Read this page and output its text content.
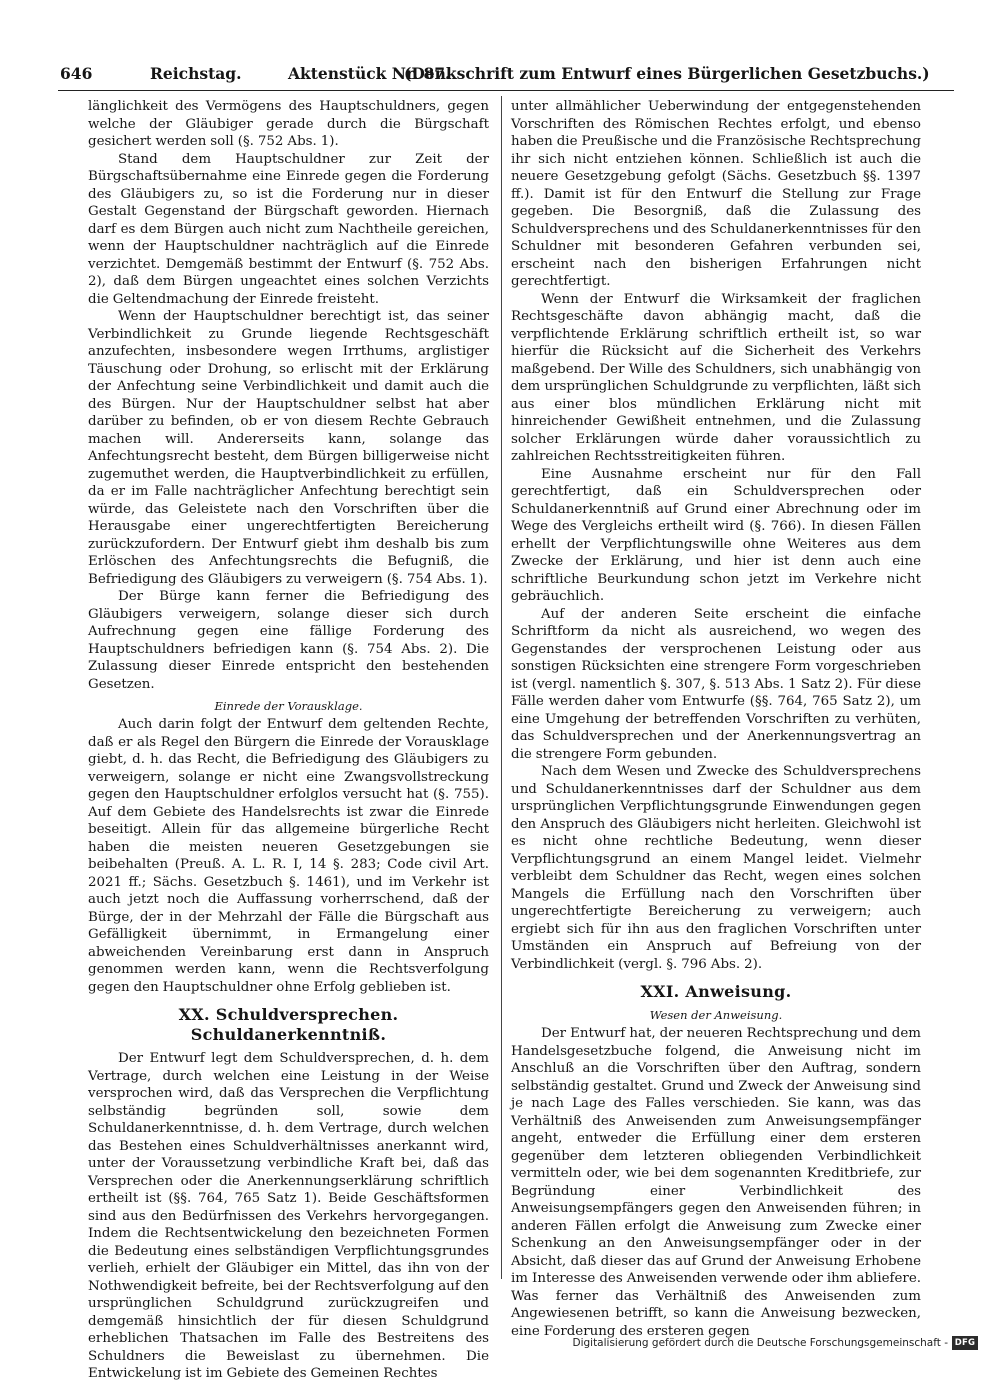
646	Reichstag.	Aktenstück Nr. 87.
(Denkschrift zum Entwurf eines Bürgerlichen Gesetzbuchs.)

länglichkeit des Vermögens des Hauptschuldners, gegen welche der Gläubiger gerade durch die Bürgschaft gesichert werden soll (§. 752 Abs. 1).

Stand dem Hauptschuldner zur Zeit der Bürgschaftsübernahme eine Einrede gegen die Forderung des Gläubigers zu, so ist die Forderung nur in dieser Gestalt Gegenstand der Bürgschaft geworden. Hiernach darf es dem Bürgen auch nicht zum Nachtheile gereichen, wenn der Hauptschuldner nachträglich auf die Einrede verzichtet. Demgemäß bestimmt der Entwurf (§. 752 Abs. 2), daß dem Bürgen ungeachtet eines solchen Verzichts die Geltendmachung der Einrede freisteht.

Wenn der Hauptschuldner berechtigt ist, das seiner Verbindlichkeit zu Grunde liegende Rechtsgeschäft anzufechten, insbesondere wegen Irrthums, arglistiger Täuschung oder Drohung, so erlischt mit der Erklärung der Anfechtung seine Verbindlichkeit und damit auch die des Bürgen. Nur der Hauptschuldner selbst hat aber darüber zu befinden, ob er von diesem Rechte Gebrauch machen will. Andererseits kann, solange das Anfechtungsrecht besteht, dem Bürgen billigerweise nicht zugemuthet werden, die Hauptverbindlichkeit zu erfüllen, da er im Falle nachträglicher Anfechtung berechtigt sein würde, das Geleistete nach den Vorschriften über die Herausgabe einer ungerechtfertigten Bereicherung zurückzufordern. Der Entwurf giebt ihm deshalb bis zum Erlöschen des Anfechtungsrechts die Befugniß, die Befriedigung des Gläubigers zu verweigern (§. 754 Abs. 1).

Der Bürge kann ferner die Befriedigung des Gläubigers verweigern, solange dieser sich durch Aufrechnung gegen eine fällige Forderung des Hauptschuldners befriedigen kann (§. 754 Abs. 2). Die Zulassung dieser Einrede entspricht den bestehenden Gesetzen.

Einrede der Vorausklage.

Auch darin folgt der Entwurf dem geltenden Rechte, daß er als Regel den Bürgern die Einrede der Vorausklage giebt, d. h. das Recht, die Befriedigung des Gläubigers zu verweigern, solange er nicht eine Zwangsvollstreckung gegen den Hauptschuldner erfolglos versucht hat (§. 755). Auf dem Gebiete des Handelsrechts ist zwar die Einrede beseitigt. Allein für das allgemeine bürgerliche Recht haben die meisten neueren Gesetzgebungen sie beibehalten (Preuß. A. L. R. I, 14 §. 283; Code civil Art. 2021 ff.; Sächs. Gesetzbuch §. 1461), und im Verkehr ist auch jetzt noch die Auffassung vorherrschend, daß der Bürge, der in der Mehrzahl der Fälle die Bürgschaft aus Gefälligkeit übernimmt, in Ermangelung einer abweichenden Vereinbarung erst dann in Anspruch genommen werden kann, wenn die Rechtsverfolgung gegen den Hauptschuldner ohne Erfolg geblieben ist.

XX. Schuldversprechen. Schuldanerkenntniß.

Der Entwurf legt dem Schuldversprechen, d. h. dem Vertrage, durch welchen eine Leistung in der Weise versprochen wird, daß das Versprechen die Verpflichtung selbständig begründen soll, sowie dem Schuldanerkenntnisse, d. h. dem Vertrage, durch welchen das Bestehen eines Schuldverhältnisses anerkannt wird, unter der Voraussetzung verbindliche Kraft bei, daß das Versprechen oder die Anerkennungserklärung schriftlich ertheilt ist (§§. 764, 765 Satz 1). Beide Geschäftsformen sind aus den Bedürfnissen des Verkehrs hervorgegangen. Indem die Rechtsentwickelung den bezeichneten Formen die Bedeutung eines selbständigen Verpflichtungsgrundes verlieh, erhielt der Gläubiger ein Mittel, das ihn von der Nothwendigkeit befreite, bei der Rechtsverfolgung auf den ursprünglichen Schuldgrund zurückzugreifen und demgemäß hinsichtlich der für diesen Schuldgrund erheblichen Thatsachen im Falle des Bestreitens des Schuldners die Beweislast zu übernehmen. Die Entwickelung ist im Gebiete des Gemeinen Rechtes

unter allmählicher Ueberwindung der entgegenstehenden Vorschriften des Römischen Rechtes erfolgt, und ebenso haben die Preußische und die Französische Rechtsprechung ihr sich nicht entziehen können. Schließlich ist auch die neuere Gesetzgebung gefolgt (Sächs. Gesetzbuch §§. 1397 ff.). Damit ist für den Entwurf die Stellung zur Frage gegeben. Die Besorgniß, daß die Zulassung des Schuldversprechens und des Schuldanerkenntnisses für den Schuldner mit besonderen Gefahren verbunden sei, erscheint nach den bisherigen Erfahrungen nicht gerechtfertigt.

Wenn der Entwurf die Wirksamkeit der fraglichen Rechtsgeschäfte davon abhängig macht, daß die verpflichtende Erklärung schriftlich ertheilt ist, so war hierfür die Rücksicht auf die Sicherheit des Verkehrs maßgebend. Der Wille des Schuldners, sich unabhängig von dem ursprünglichen Schuldgrunde zu verpflichten, läßt sich aus einer blos mündlichen Erklärung nicht mit hinreichender Gewißheit entnehmen, und die Zulassung solcher Erklärungen würde daher voraussichtlich zu zahlreichen Rechtsstreitigkeiten führen.

Eine Ausnahme erscheint nur für den Fall gerechtfertigt, daß ein Schuldversprechen oder Schuldanerkenntniß auf Grund einer Abrechnung oder im Wege des Vergleichs ertheilt wird (§. 766). In diesen Fällen erhellt der Verpflichtungswille ohne Weiteres aus dem Zwecke der Erklärung, und hier ist denn auch eine schriftliche Beurkundung schon jetzt im Verkehre nicht gebräuchlich.

Auf der anderen Seite erscheint die einfache Schriftform da nicht als ausreichend, wo wegen des Gegenstandes der versprochenen Leistung oder aus sonstigen Rücksichten eine strengere Form vorgeschrieben ist (vergl. namentlich §. 307, §. 513 Abs. 1 Satz 2). Für diese Fälle werden daher vom Entwurfe (§§. 764, 765 Satz 2), um eine Umgehung der betreffenden Vorschriften zu verhüten, das Schuldversprechen und der Anerkennungsvertrag an die strengere Form gebunden.

Nach dem Wesen und Zwecke des Schuldversprechens und Schuldanerkenntnisses darf der Schuldner aus dem ursprünglichen Verpflichtungsgrunde Einwendungen gegen den Anspruch des Gläubigers nicht herleiten. Gleichwohl ist es nicht ohne rechtliche Bedeutung, wenn dieser Verpflichtungsgrund an einem Mangel leidet. Vielmehr verbleibt dem Schuldner das Recht, wegen eines solchen Mangels die Erfüllung nach den Vorschriften über ungerechtfertigte Bereicherung zu verweigern; auch ergiebt sich für ihn aus den fraglichen Vorschriften unter Umständen ein Anspruch auf Befreiung von der Verbindlichkeit (vergl. §. 796 Abs. 2).

XXI. Anweisung.
Wesen der Anweisung.

Der Entwurf hat, der neueren Rechtsprechung und dem Handelsgesetzbuche folgend, die Anweisung nicht im Anschluß an die Vorschriften über den Auftrag, sondern selbständig gestaltet. Grund und Zweck der Anweisung sind je nach Lage des Falles verschieden. Sie kann, was das Verhältniß des Anweisenden zum Anweisungsempfänger angeht, entweder die Erfüllung einer dem ersteren gegenüber dem letzteren obliegenden Verbindlichkeit vermitteln oder, wie bei dem sogenannten Kreditbriefe, zur Begründung einer Verbindlichkeit des Anweisungsempfängers gegen den Anweisenden führen; in anderen Fällen erfolgt die Anweisung zum Zwecke einer Schenkung an den Anweisungsempfänger oder in der Absicht, daß dieser das auf Grund der Anweisung Erhobene im Interesse des Anweisenden verwende oder ihm abliefere. Was ferner das Verhältniß des Anweisenden zum Angewiesenen betrifft, so kann die Anweisung bezwecken, eine Forderung des ersteren gegen

Digitalisierung gefördert durch die Deutsche Forschungsgemeinschaft - DFG
